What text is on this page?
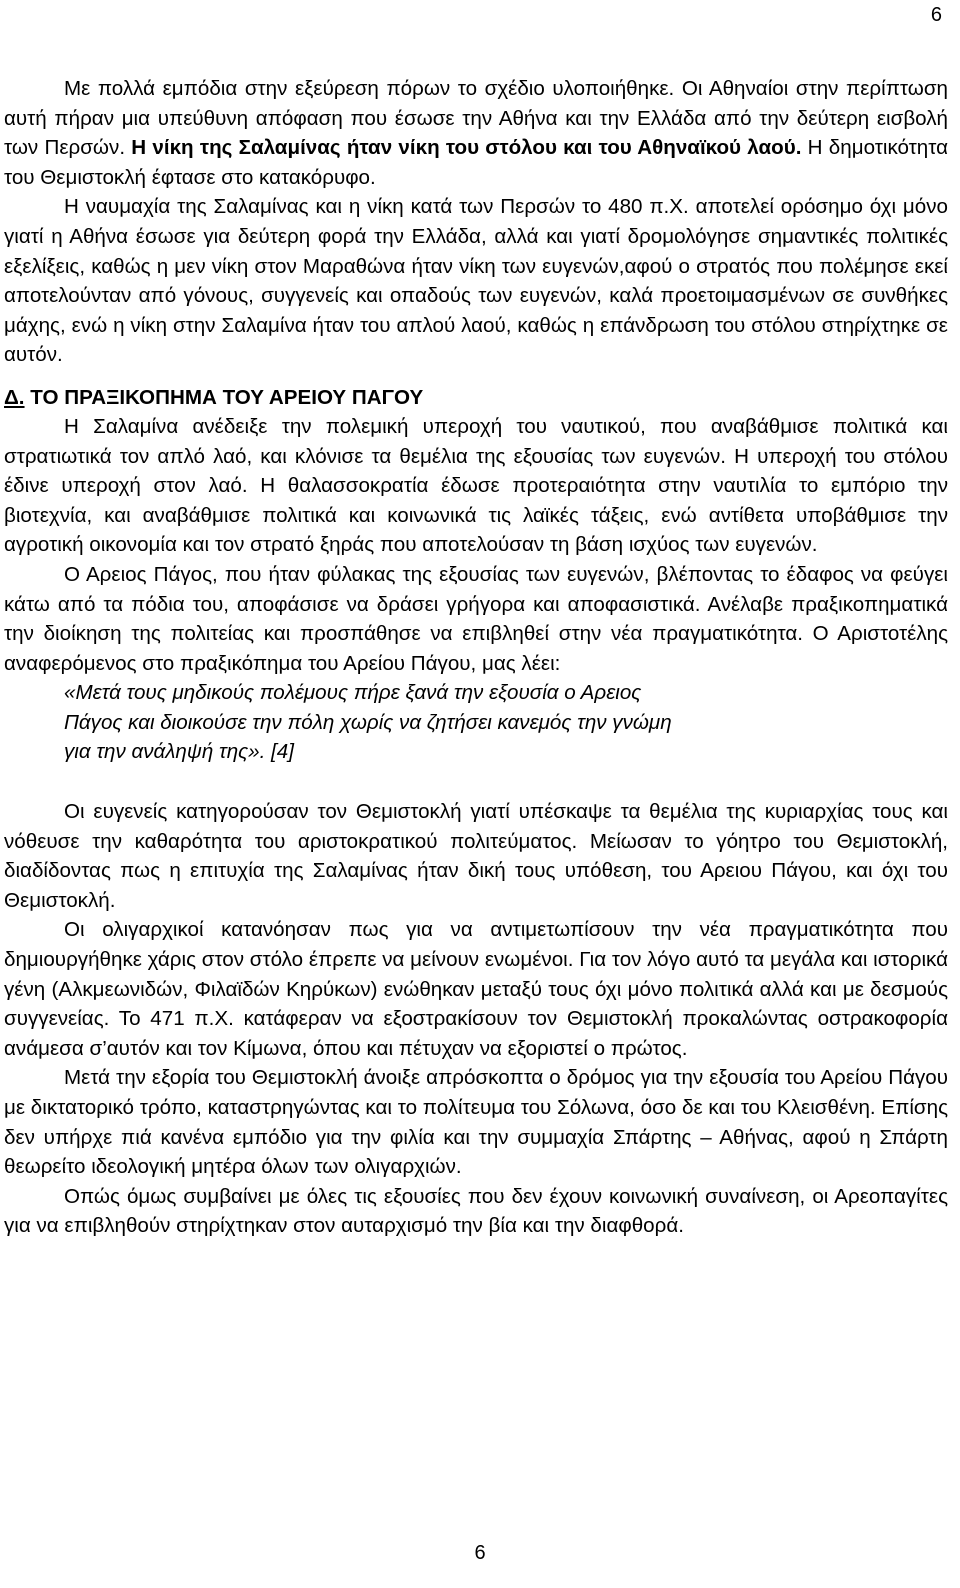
6

Με πολλά εμπόδια στην εξεύρεση πόρων το σχέδιο υλοποιήθηκε. Οι Αθηναίοι στην περίπτωση αυτή πήραν μια υπεύθυνη απόφαση που έσωσε την Αθήνα και την Ελλάδα από την δεύτερη εισβολή των Περσών. Η νίκη της Σαλαμίνας ήταν νίκη του στόλου και του Αθηναϊκού λαού. Η δημοτικότητα του Θεμιστοκλή έφτασε στο κατακόρυφο.

Η ναυμαχία της Σαλαμίνας και η νίκη κατά των Περσών το 480 π.Χ. αποτελεί ορόσημο όχι μόνο γιατί η Αθήνα έσωσε για δεύτερη φορά την Ελλάδα, αλλά και γιατί δρομολόγησε σημαντικές πολιτικές εξελίξεις, καθώς η μεν νίκη στον Μαραθώνα ήταν νίκη των ευγενών,αφού ο στρατός που πολέμησε εκεί αποτελούνταν από γόνους, συγγενείς και οπαδούς των ευγενών, καλά προετοιμασμένων σε συνθήκες μάχης, ενώ η νίκη στην Σαλαμίνα ήταν του απλού λαού, καθώς η επάνδρωση του στόλου στηρίχτηκε σε αυτόν.

Δ. ΤΟ ΠΡΑΞΙΚΟΠΗΜΑ ΤΟΥ ΑΡΕΙΟΥ ΠΑΓΟΥ

Η Σαλαμίνα ανέδειξε την πολεμική υπεροχή του ναυτικού, που αναβάθμισε πολιτικά και στρατιωτικά τον απλό λαό, και κλόνισε τα θεμέλια της εξουσίας των ευγενών. Η υπεροχή του στόλου έδινε υπεροχή στον λαό. Η θαλασσοκρατία έδωσε προτεραιότητα στην ναυτιλία το εμπόριο την βιοτεχνία, και αναβάθμισε πολιτικά και κοινωνικά τις λαϊκές τάξεις, ενώ αντίθετα υποβάθμισε την αγροτική οικονομία και τον στρατό ξηράς που αποτελούσαν τη βάση ισχύος των ευγενών.

Ο Αρειος Πάγος, που ήταν φύλακας της εξουσίας των ευγενών, βλέποντας το έδαφος να φεύγει κάτω από τα πόδια του, αποφάσισε να δράσει γρήγορα και αποφασιστικά. Ανέλαβε πραξικοπηματικά την διοίκηση της πολιτείας και προσπάθησε να επιβληθεί στην νέα πραγματικότητα. Ο Αριστοτέλης αναφερόμενος στο πραξικόπημα του Αρείου Πάγου, μας λέει:

«Μετά τους μηδικούς πολέμους πήρε ξανά την εξουσία ο Αρειος
Πάγος και διοικούσε την πόλη χωρίς να ζητήσει κανεμός την γνώμη
για την ανάληψή της». [4]

Οι ευγενείς κατηγορούσαν τον Θεμιστοκλή γιατί υπέσκαψε τα θεμέλια της κυριαρχίας τους και νόθευσε την καθαρότητα του αριστοκρατικού πολιτεύματος. Μείωσαν το γόητρο του Θεμιστοκλή, διαδίδοντας πως η επιτυχία της Σαλαμίνας ήταν δική τους υπόθεση, του Αρειου Πάγου, και όχι του Θεμιστοκλή.

Οι ολιγαρχικοί κατανόησαν πως για να αντιμετωπίσουν την νέα πραγματικότητα που δημιουργήθηκε χάρις στον στόλο έπρεπε να μείνουν ενωμένοι. Για τον λόγο αυτό τα μεγάλα και ιστορικά γένη (Αλκμεωνιδών, Φιλαϊδών Κηρύκων) ενώθηκαν μεταξύ τους όχι μόνο πολιτικά αλλά και με δεσμούς συγγενείας. Το 471 π.Χ. κατάφεραν να εξοστρακίσουν τον Θεμιστοκλή προκαλώντας οστρακοφορία ανάμεσα σ’αυτόν και τον Κίμωνα, όπου και πέτυχαν να εξοριστεί ο πρώτος.

Μετά την εξορία του Θεμιστοκλή άνοιξε απρόσκοπτα ο δρόμος για την εξουσία του Αρείου Πάγου με δικτατορικό τρόπο, καταστρηγώντας και το πολίτευμα του Σόλωνα, όσο δε και του Κλεισθένη. Επίσης δεν υπήρχε πιά κανένα εμπόδιο για την φιλία και την συμμαχία Σπάρτης – Αθήνας, αφού η Σπάρτη θεωρείτο ιδεολογική μητέρα όλων των ολιγαρχιών.

Οπώς όμως συμβαίνει με όλες τις εξουσίες που δεν έχουν κοινωνική συναίνεση, οι Αρεοπαγίτες για να επιβληθούν στηρίχτηκαν στον αυταρχισμό την βία και την διαφθορά.

6
